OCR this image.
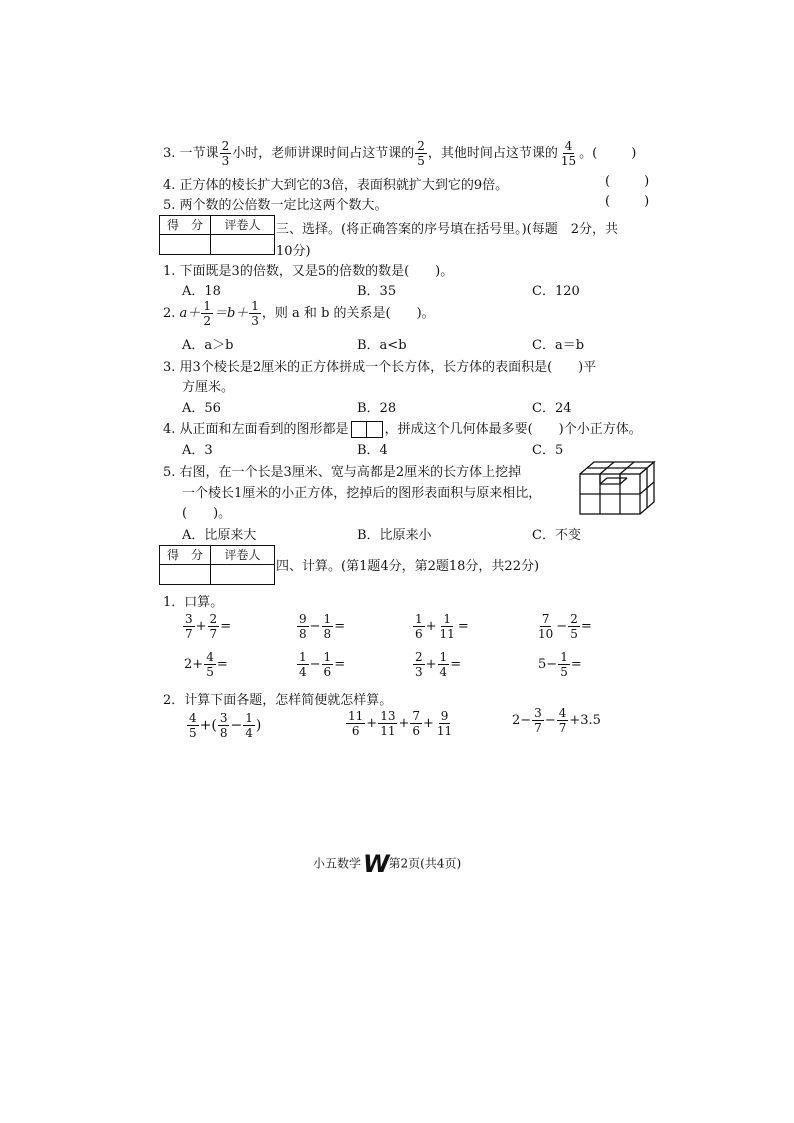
3. 一节课 $\frac{2}{3}$ 小时，老师讲课时间占这节课的 $\frac{2}{5}$ ，其他时间占这节课的 $\frac{4}{15}$ 。(	)
4. 正方体的棱长扩大到它的3倍，表面积就扩大到它的9倍。	(	)
5. 两个数的公倍数一定比这两个数大。	(	)
得　分	评卷人	三、选择。(将正确答案的序号填在括号里。)(每题　2分，共
10分)
1. 下面既是3的倍数，又是5的倍数的数是(　　)。
A．18	B．35	C．120
2. $a+ \frac{1}{2} =b+ \frac{1}{3}$ ，则 a 和 b 的关系是(　　)。
A．a＞b	B．a<b	C．a＝b
3. 用3个棱长是2厘米的正方体拼成一个长方体，长方体的表面积是(　　)平
方厘米。
A．56	B．28	C．24
4. 从正面和左面看到的图形都是	，拼成这个几何体最多要(　　)个小正方体。
A．3	B．4	C．5
5. 右图，在一个长是3厘米、宽与高都是2厘米的长方体上挖掉
一个棱长1厘米的小正方体，挖掉后的图形表面积与原来相比，
(　　)。
A．比原来大	B．比原来小	C．不变
得　分	评卷人
四、计算。(第1题4分，第2题18分，共22分)
1．口算。
$\frac{3}{7} + \frac{2}{7}$ =	$\frac{9}{8} - \frac{1}{8}$ =	$\frac{1}{6} + \frac{1}{11}$ =	$\frac{7}{10} - \frac{2}{5}$ =
$2+ \frac{4}{5}$ =	$\frac{1}{4} - \frac{1}{6}$ =	$\frac{2}{3} + \frac{1}{4}$ =	$5- \frac{1}{5}$ =
2．计算下面各题，怎样简便就怎样算。
$\frac{4}{5}$ +( $\frac{3}{8} - \frac{1}{4}$ )	$\frac{11}{6} + \frac{13}{11} + \frac{7}{6} + \frac{9}{11}$	$2- \frac{3}{7} - \frac{4}{7} +3.5$
小五数学W第2页(共4页)
